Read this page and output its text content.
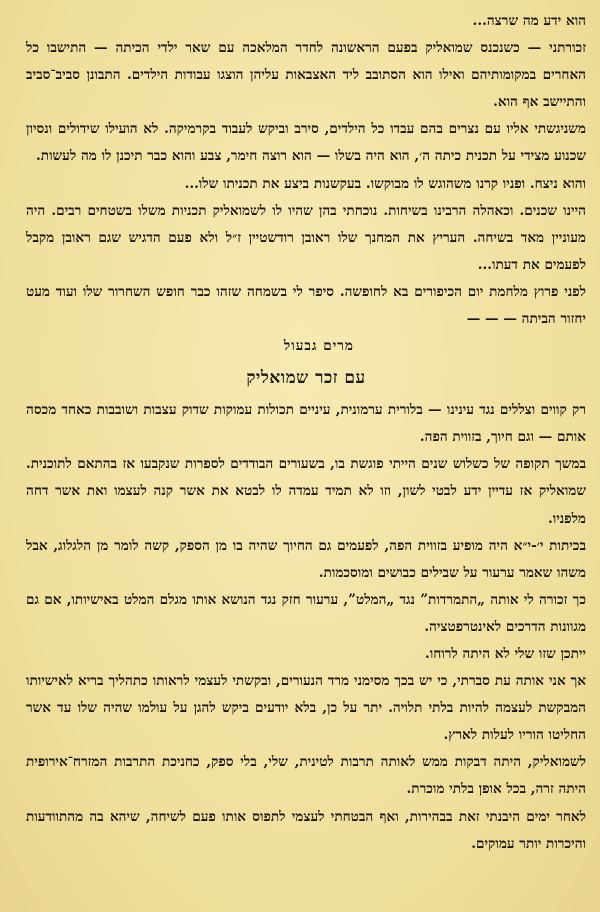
הוא ידע מה שרצה...

זכורתני — כשנכנס שמואליק בפעם הראשונה לחדר המלאכה עם שאר ילדי הכיתה — התישבו כל האחרים במקומותיהם ואילו הוא הסתובב ליד האצבאות עליהן הוצגו עבודות הילדים. התבונן סביב־סביב והתיישב אף הוא.

משניגשתי אליו עם נצרים בהם עבדו כל הילדים, סירב וביקש לעבוד בקרמיקה. לא הועילו שידולים ונסיון שכנוע מצידי על תכנית כיתה ה׳, הוא היה בשלו — הוא רוצה חימר, צבע והוא כבר תיכנן לו מה לעשות.

והוא ניצח. ופניו קרנו משהוגש לו מבוקשו. בעקשנות ביצע את תכניתו שלו...

היינו שכנים. וכאהלה הרבינו בשיחות. נוכחתי בהן שהיו לו לשמואליק תכניות משלו בשטחים רבים. היה מעוניין מאד בשיחה. העריץ את המחנך שלו ראובן רודשטיין ז״ל ולא פעם הדגיש שגם ראובן מקבל לפעמים את דעתו...

לפני פרוץ מלחמת יום הכיפורים בא לחופשה. סיפר לי בשמחה שזהו כבר חופש השחרור שלו ועוד מעט יחזור הביתה — — —

מרים גבעול
עם זכר שמואליק

רק קווים וצללים נגד עינינו — בלורית ערמונית, עיניים תכולות עמוקות שדוק עצבות ושובבות כאחד מכסה אותם — וגם חיוך, בזווית הפה.

במשך תקופה של כשלוש שנים הייתי פוגשת בו, בשעורים הבודדים לספרות שנקבעו אז בהתאם לתוכנית. שמואליק אז עדיין ידע לבטי לשון, וזו לא תמיד עמדה לו לבטא את אשר קנה לעצמו ואת אשר דחה מלפניו.

בכיתות י׳-י״א היה מופיע בזווית הפה, לפעמים גם החיוך שהיה בו מן הספק, קשה לומר מן הלגלוג, אבל משהו שאמר ערעור על שבילים כבושים ומוסכמות.

כך זכורה לי אותה „התמרדות” נגד „המלט”, ערעור חזק נגד הנושא אותו מגלם המלט באישיותו, אם גם מגוונות הדרכים לאינטרפטציה.

ייתכן שזו שלי לא היתה לרוחו.

אך אני אותה עת סברתי, כי יש בכך מסימני מרד הנעורים, ובקשתי לעצמי לראותו כתהליך בריא לאישיותו המבקשת לעצמה להיות בלתי תלויה. יתר על כן, בלא יודעים ביקש להגן על עולמו שהיה שלו עד אשר החליטו הוריו לעלות לארץ.

לשמואליק, היתה דבקות ממש לאותה תרבות לטינית, שלי, בלי ספק, כחניכת התרבות המזרח־אירופית היתה זרה, בכל אופן בלתי מוכרת.

לאחר ימים היבנתי זאת בבהירות, ואף הבטחתי לעצמי לתפוס אותו פעם לשיחה, שיהא בה מהתוודעות והיכרות יותר עמוקים.
